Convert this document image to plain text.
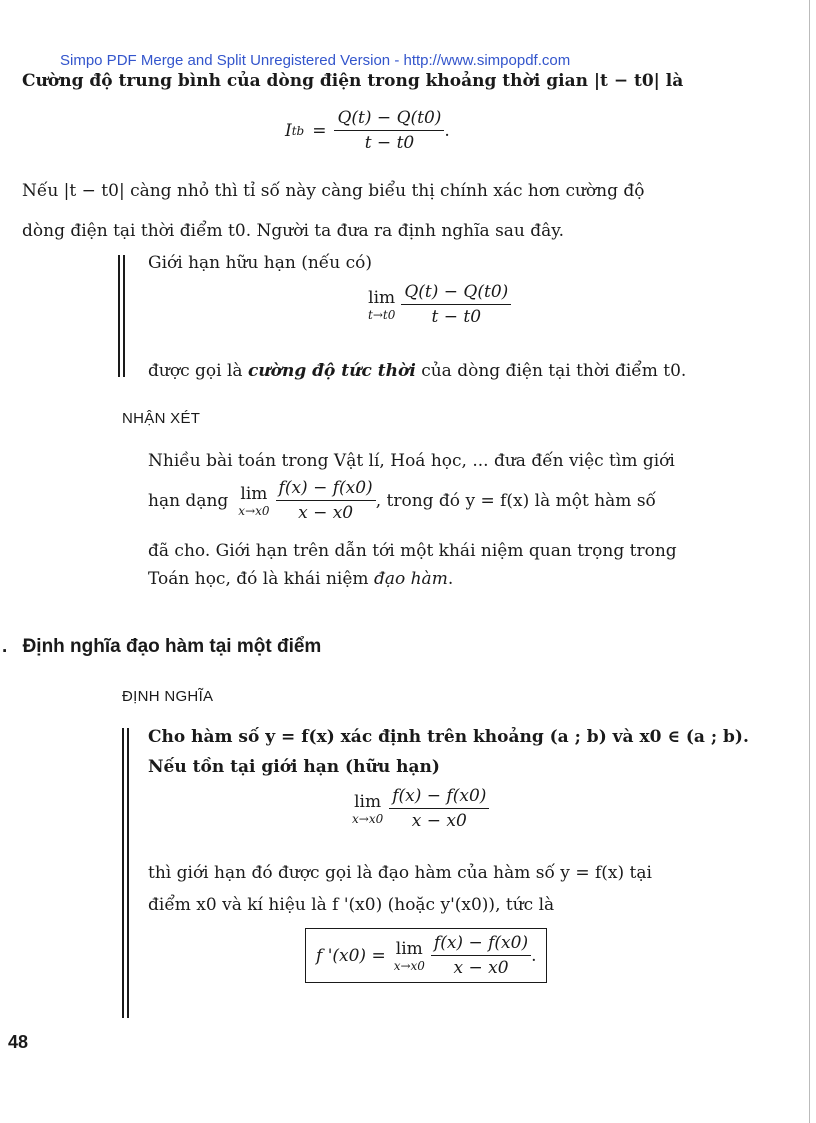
Simpo PDF Merge and Split Unregistered Version - http://www.simpopdf.com
Cường độ trung bình của dòng điện trong khoảng thời gian |t − t0| là
I tb = $\frac{Q(t) - Q(t0)}{t - t0}$ .
Nếu |t − t0| càng nhỏ thì tỉ số này càng biểu thị chính xác hơn cường độ
dòng điện tại thời điểm t0. Người ta đưa ra định nghĩa sau đây.
Giới hạn hữu hạn (nếu có)
lim
$t\to t0 \frac{Q(t) - Q(t0)}{t - t0}$
được gọi là cường độ tức thời của dòng điện tại thời điểm t0.
NHẬN XÉT
Nhiều bài toán trong Vật lí, Hoá học, ... đưa đến việc tìm giới
hạn dạng lim
$x\to x0 \frac{f(x) - f(x0)}{x - x0}$ , trong đó y = f(x) là một hàm số
đã cho. Giới hạn trên dẫn tới một khái niệm quan trọng trong
Toán học, đó là khái niệm đạo hàm.
. Định nghĩa đạo hàm tại một điểm
ĐỊNH NGHĨA
Cho hàm số y = f(x) xác định trên khoảng (a ; b) và x0 ∈ (a ; b).
Nếu tồn tại giới hạn (hữu hạn)
lim
$x\to x0 \frac{f(x) - f(x0)}{x - x0}$
thì giới hạn đó được gọi là đạo hàm của hàm số y = f(x) tại
điểm x0 và kí hiệu là f '(x0) (hoặc y'(x0)), tức là
f '(x0) = lim
$x\to x0 \frac{f(x) - f(x0)}{x - x0}$ .
48
